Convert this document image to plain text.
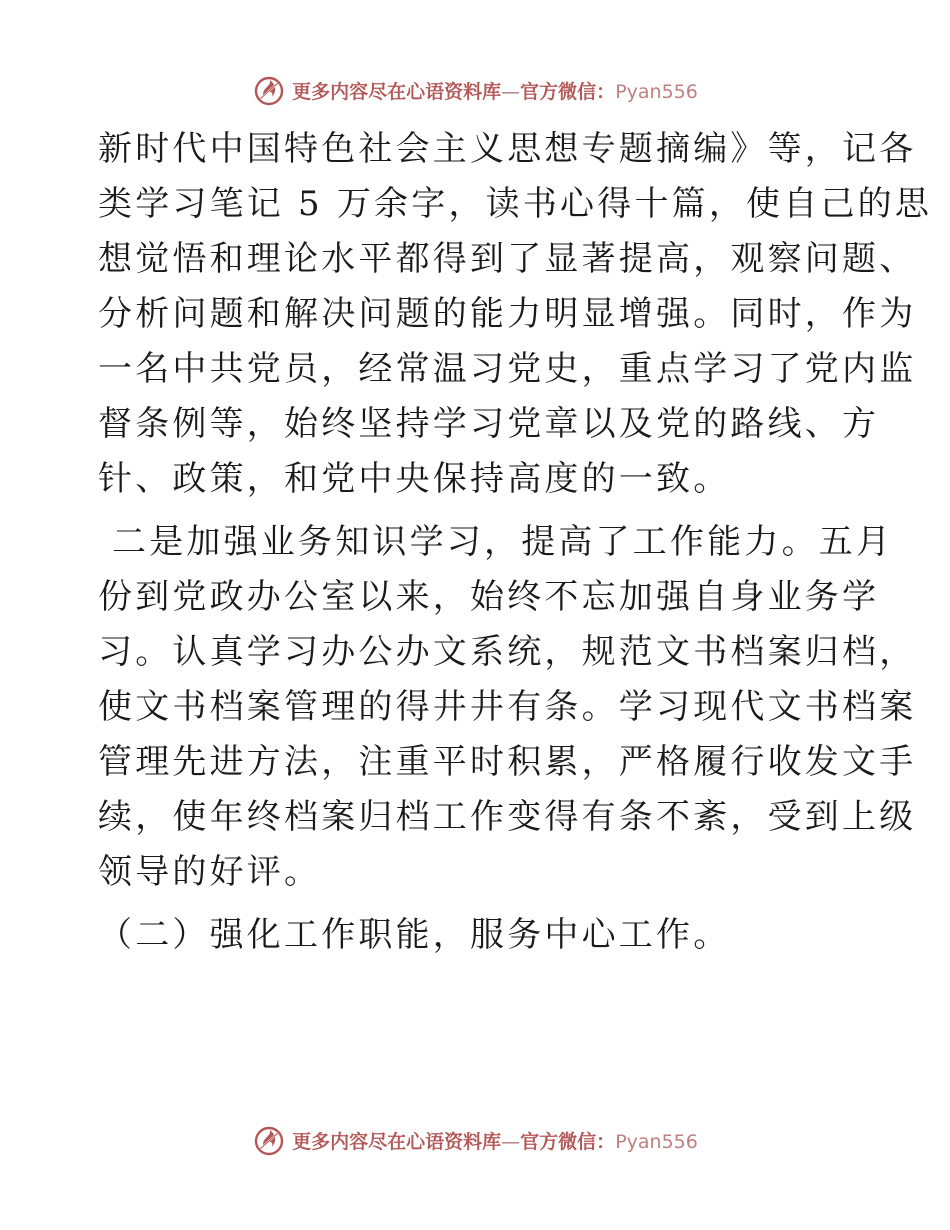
更多内容尽在心语资料库—官方微信：Pyan556

新时代中国特色社会主义思想专题摘编》等，记各
类学习笔记 5 万余字，读书心得十篇，使自己的思
想觉悟和理论水平都得到了显著提高，观察问题、
分析问题和解决问题的能力明显增强。同时，作为
一名中共党员，经常温习党史，重点学习了党内监
督条例等，始终坚持学习党章以及党的路线、方
针、政策，和党中央保持高度的一致。

二是加强业务知识学习，提高了工作能力。五月
份到党政办公室以来，始终不忘加强自身业务学
习。认真学习办公办文系统，规范文书档案归档，
使文书档案管理的得井井有条。学习现代文书档案
管理先进方法，注重平时积累，严格履行收发文手
续，使年终档案归档工作变得有条不紊，受到上级
领导的好评。

（二）强化工作职能，服务中心工作。

更多内容尽在心语资料库—官方微信：Pyan556
